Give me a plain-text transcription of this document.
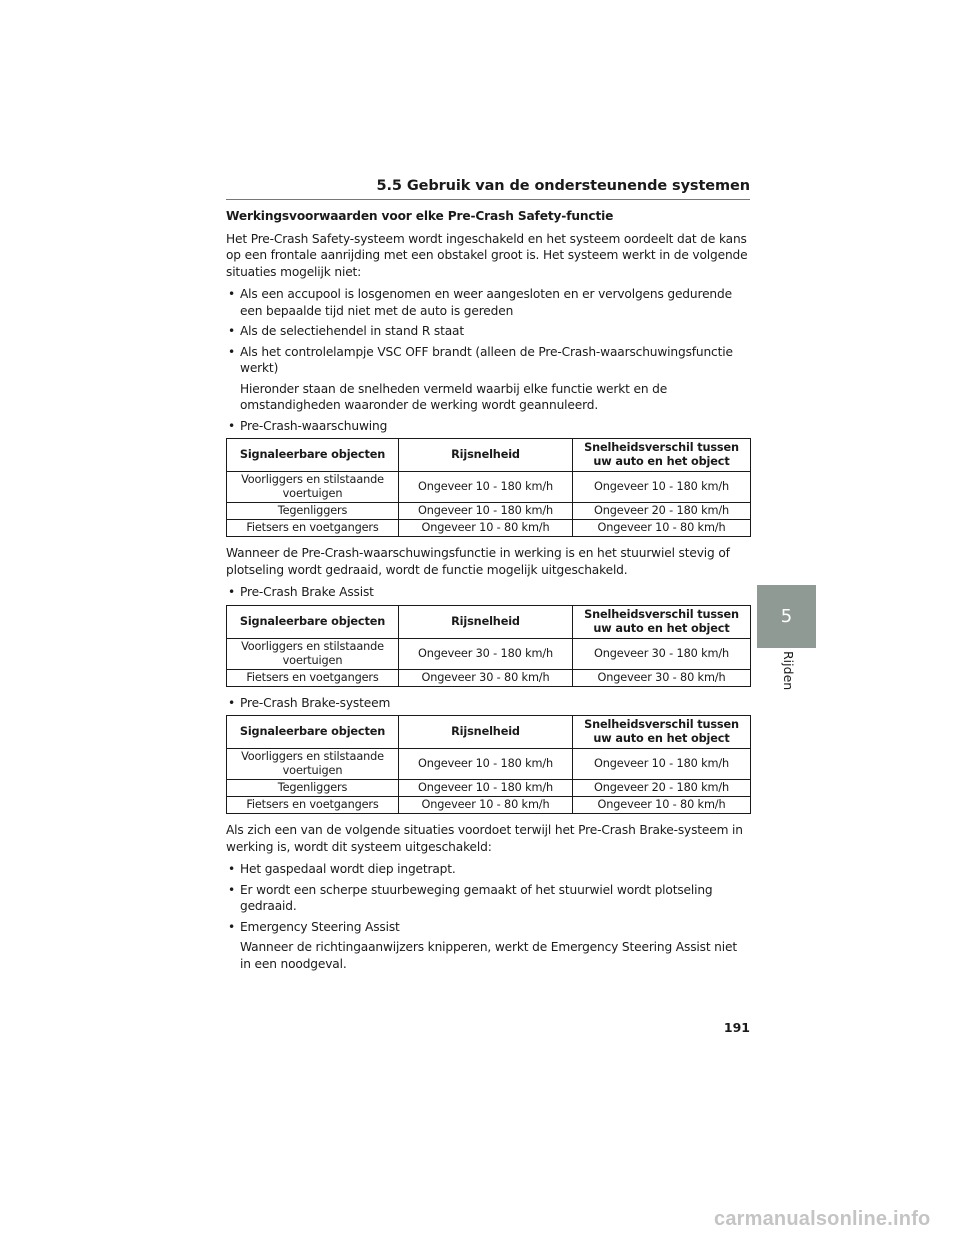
5.5 Gebruik van de ondersteunende systemen
Werkingsvoorwaarden voor elke Pre-Crash Safety-functie

Het Pre-Crash Safety-systeem wordt ingeschakeld en het systeem oordeelt dat de kans op een frontale aanrijding met een obstakel groot is. Het systeem werkt in de volgende situaties mogelijk niet:

• Als een accupool is losgenomen en weer aangesloten en er vervolgens gedurende een bepaalde tijd niet met de auto is gereden
• Als de selectiehendel in stand R staat
• Als het controlelampje VSC OFF brandt (alleen de Pre-Crash-waarschuwingsfunctie werkt)
Hieronder staan de snelheden vermeld waarbij elke functie werkt en de omstandigheden waaronder de werking wordt geannuleerd.
• Pre-Crash-waarschuwing
Signaleerbare objecten	Rijsnelheid	Snelheidsverschil tussen uw auto en het object
Voorliggers en stilstaande voertuigen	Ongeveer 10 - 180 km/h	Ongeveer 10 - 180 km/h
Tegenliggers	Ongeveer 10 - 180 km/h	Ongeveer 20 - 180 km/h
Fietsers en voetgangers	Ongeveer 10 - 80 km/h	Ongeveer 10 - 80 km/h

Wanneer de Pre-Crash-waarschuwingsfunctie in werking is en het stuurwiel stevig of plotseling wordt gedraaid, wordt de functie mogelijk uitgeschakeld.

• Pre-Crash Brake Assist
Signaleerbare objecten	Rijsnelheid	Snelheidsverschil tussen uw auto en het object
Voorliggers en stilstaande voertuigen	Ongeveer 30 - 180 km/h	Ongeveer 30 - 180 km/h
Fietsers en voetgangers	Ongeveer 30 - 80 km/h	Ongeveer 30 - 80 km/h
• Pre-Crash Brake-systeem
Signaleerbare objecten	Rijsnelheid	Snelheidsverschil tussen uw auto en het object
Voorliggers en stilstaande voertuigen	Ongeveer 10 - 180 km/h	Ongeveer 10 - 180 km/h
Tegenliggers	Ongeveer 10 - 180 km/h	Ongeveer 20 - 180 km/h
Fietsers en voetgangers	Ongeveer 10 - 80 km/h	Ongeveer 10 - 80 km/h

Als zich een van de volgende situaties voordoet terwijl het Pre-Crash Brake-systeem in werking is, wordt dit systeem uitgeschakeld:

• Het gaspedaal wordt diep ingetrapt.
• Er wordt een scherpe stuurbeweging gemaakt of het stuurwiel wordt plotseling gedraaid.
• Emergency Steering Assist
Wanneer de richtingaanwijzers knipperen, werkt de Emergency Steering Assist niet in een noodgeval.
5
Rijden
191
carmanualsonline.info
